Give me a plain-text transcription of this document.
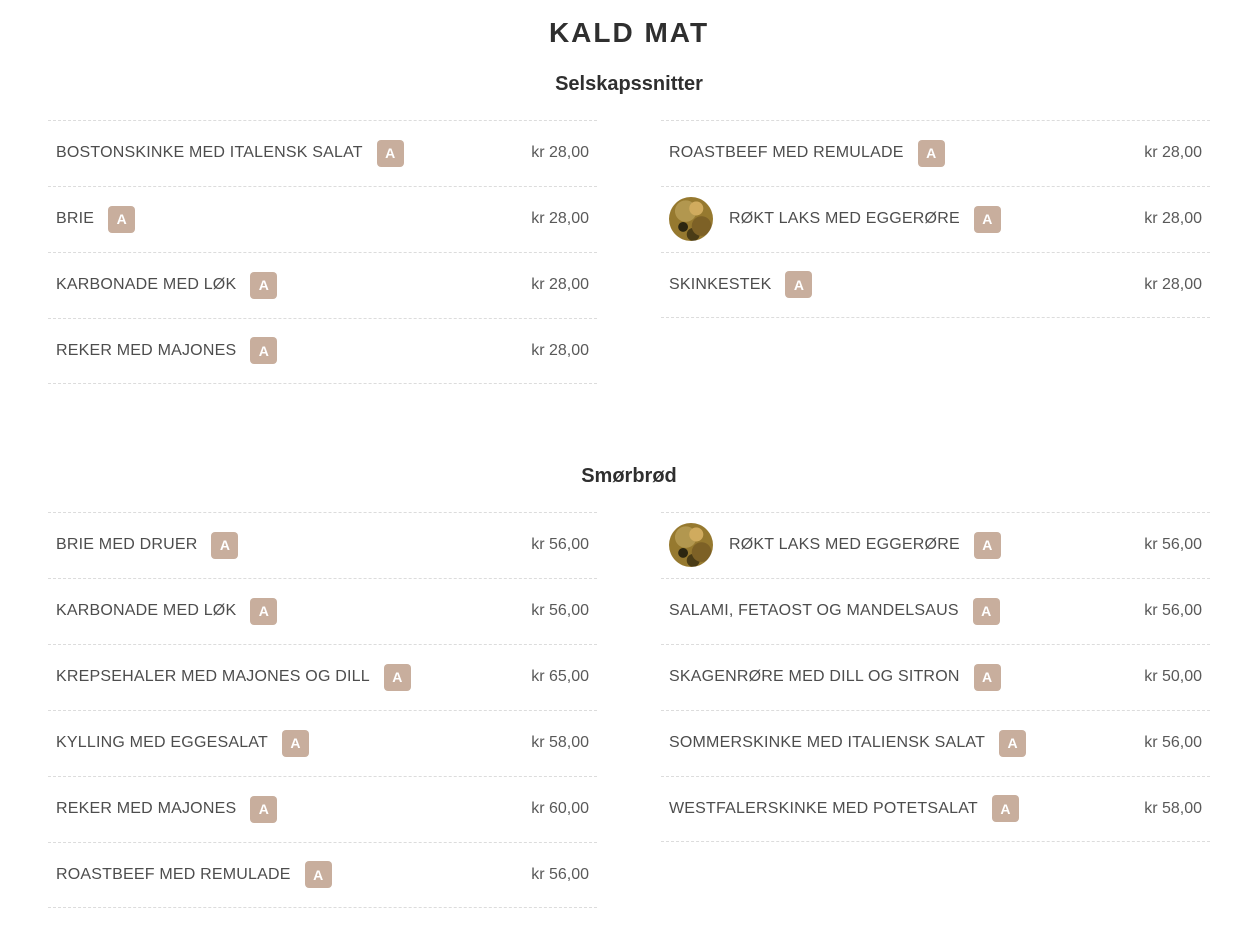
KALD MAT
Selskapssnitter
BOSTONSKINKE MED ITALENSK SALAT	A	kr 28,00
BRIE	A	kr 28,00
KARBONADE MED LØK	A	kr 28,00
REKER MED MAJONES	A	kr 28,00
ROASTBEEF MED REMULADE	A	kr 28,00
RØKT LAKS MED EGGERØRE	A	kr 28,00
SKINKESTEK	A	kr 28,00
Smørbrød
BRIE MED DRUER	A	kr 56,00
KARBONADE MED LØK	A	kr 56,00
KREPSEHALER MED MAJONES OG DILL	A	kr 65,00
KYLLING MED EGGESALAT	A	kr 58,00
REKER MED MAJONES	A	kr 60,00
ROASTBEEF MED REMULADE	A	kr 56,00
RØKT LAKS MED EGGERØRE	A	kr 56,00
SALAMI, FETAOST OG MANDELSAUS	A	kr 56,00
SKAGENRØRE MED DILL OG SITRON	A	kr 50,00
SOMMERSKINKE MED ITALIENSK SALAT	A	kr 56,00
WESTFALERSKINKE MED POTETSALAT	A	kr 58,00
